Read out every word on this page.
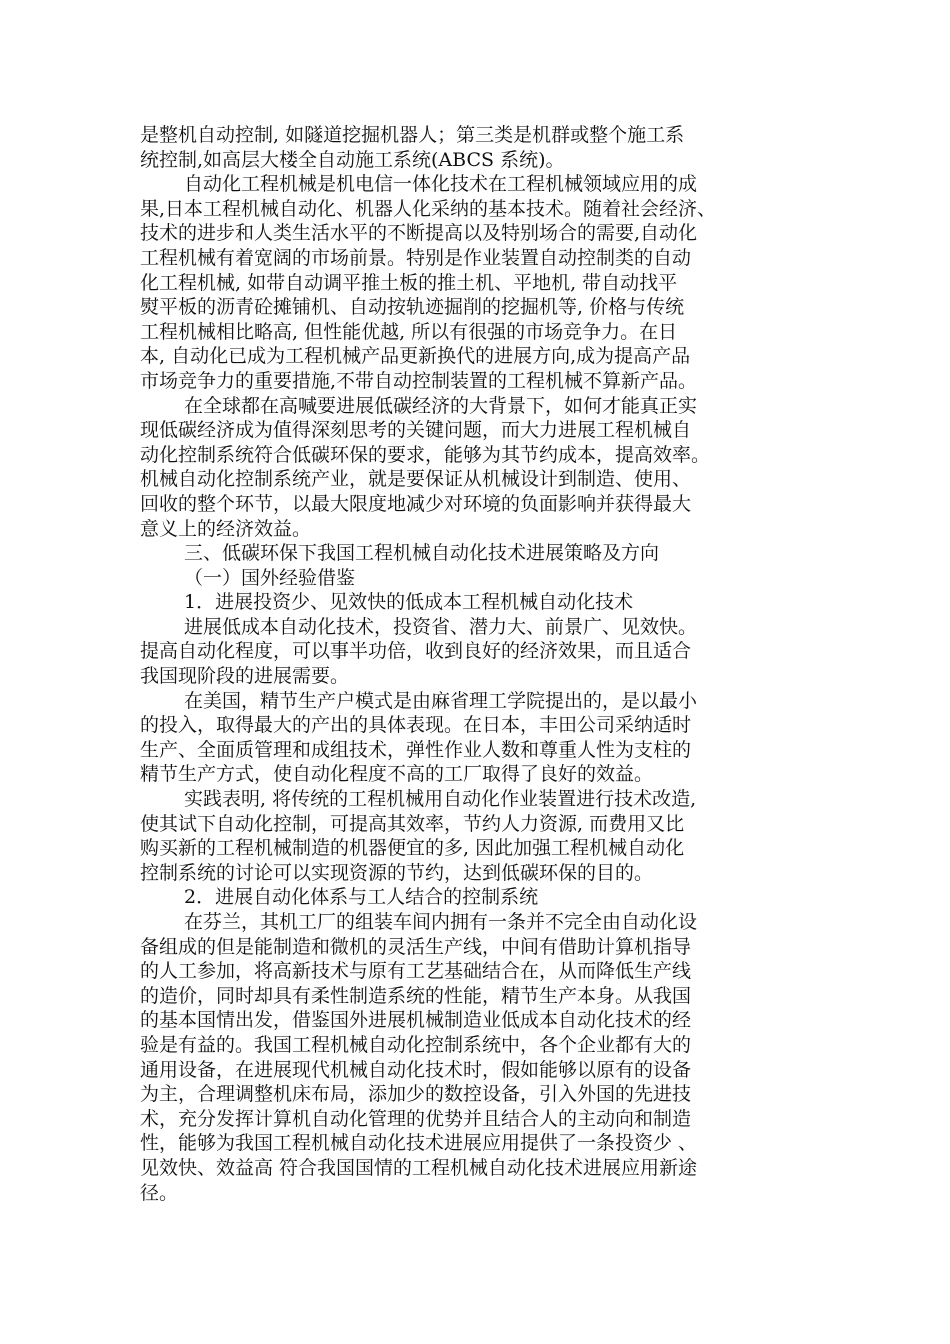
是整机自动控制, 如隧道挖掘机器人；第三类是机群或整个施工系
统控制,如高层大楼全自动施工系统(ABCS 系统)。
自动化工程机械是机电信一体化技术在工程机械领域应用的成
果,日本工程机械自动化、机器人化采纳的基本技术。随着社会经济、
技术的进步和人类生活水平的不断提高以及特别场合的需要,自动化
工程机械有着宽阔的市场前景。特别是作业装置自动控制类的自动
化工程机械, 如带自动调平推土板的推土机、平地机, 带自动找平
熨平板的沥青砼摊铺机、自动按轨迹掘削的挖掘机等, 价格与传统
工程机械相比略高, 但性能优越, 所以有很强的市场竞争力。在日
本, 自动化已成为工程机械产品更新换代的进展方向,成为提高产品
市场竞争力的重要措施,不带自动控制装置的工程机械不算新产品。
在全球都在高喊要进展低碳经济的大背景下，如何才能真正实
现低碳经济成为值得深刻思考的关键问题，而大力进展工程机械自
动化控制系统符合低碳环保的要求，能够为其节约成本，提高效率。
机械自动化控制系统产业，就是要保证从机械设计到制造、使用、
回收的整个环节，以最大限度地减少对环境的负面影响并获得最大
意义上的经济效益。
三、低碳环保下我国工程机械自动化技术进展策略及方向
（一）国外经验借鉴
1．进展投资少、见效快的低成本工程机械自动化技术
进展低成本自动化技术，投资省、潜力大、前景广、见效快。
提高自动化程度，可以事半功倍，收到良好的经济效果，而且适合
我国现阶段的进展需要。
在美国，精节生产户模式是由麻省理工学院提出的，是以最小
的投入，取得最大的产出的具体表现。在日本，丰田公司采纳适时
生产、全面质管理和成组技术，弹性作业人数和尊重人性为支柱的
精节生产方式，使自动化程度不高的工厂取得了良好的效益。
实践表明, 将传统的工程机械用自动化作业装置进行技术改造,
使其试下自动化控制，可提高其效率，节约人力资源, 而费用又比
购买新的工程机械制造的机器便宜的多, 因此加强工程机械自动化
控制系统的讨论可以实现资源的节约，达到低碳环保的目的。
2．进展自动化体系与工人结合的控制系统
在芬兰，其机工厂的组装车间内拥有一条并不完全由自动化设
备组成的但是能制造和微机的灵活生产线，中间有借助计算机指导
的人工参加，将高新技术与原有工艺基础结合在，从而降低生产线
的造价，同时却具有柔性制造系统的性能，精节生产本身。从我国
的基本国情出发，借鉴国外进展机械制造业低成本自动化技术的经
验是有益的。我国工程机械自动化控制系统中，各个企业都有大的
通用设备，在进展现代机械自动化技术时，假如能够以原有的设备
为主，合理调整机床布局，添加少的数控设备，引入外国的先进技
术，充分发挥计算机自动化管理的优势并且结合人的主动向和制造
性，能够为我国工程机械自动化技术进展应用提供了一条投资少 、
见效快、效益高 符合我国国情的工程机械自动化技术进展应用新途
径。
